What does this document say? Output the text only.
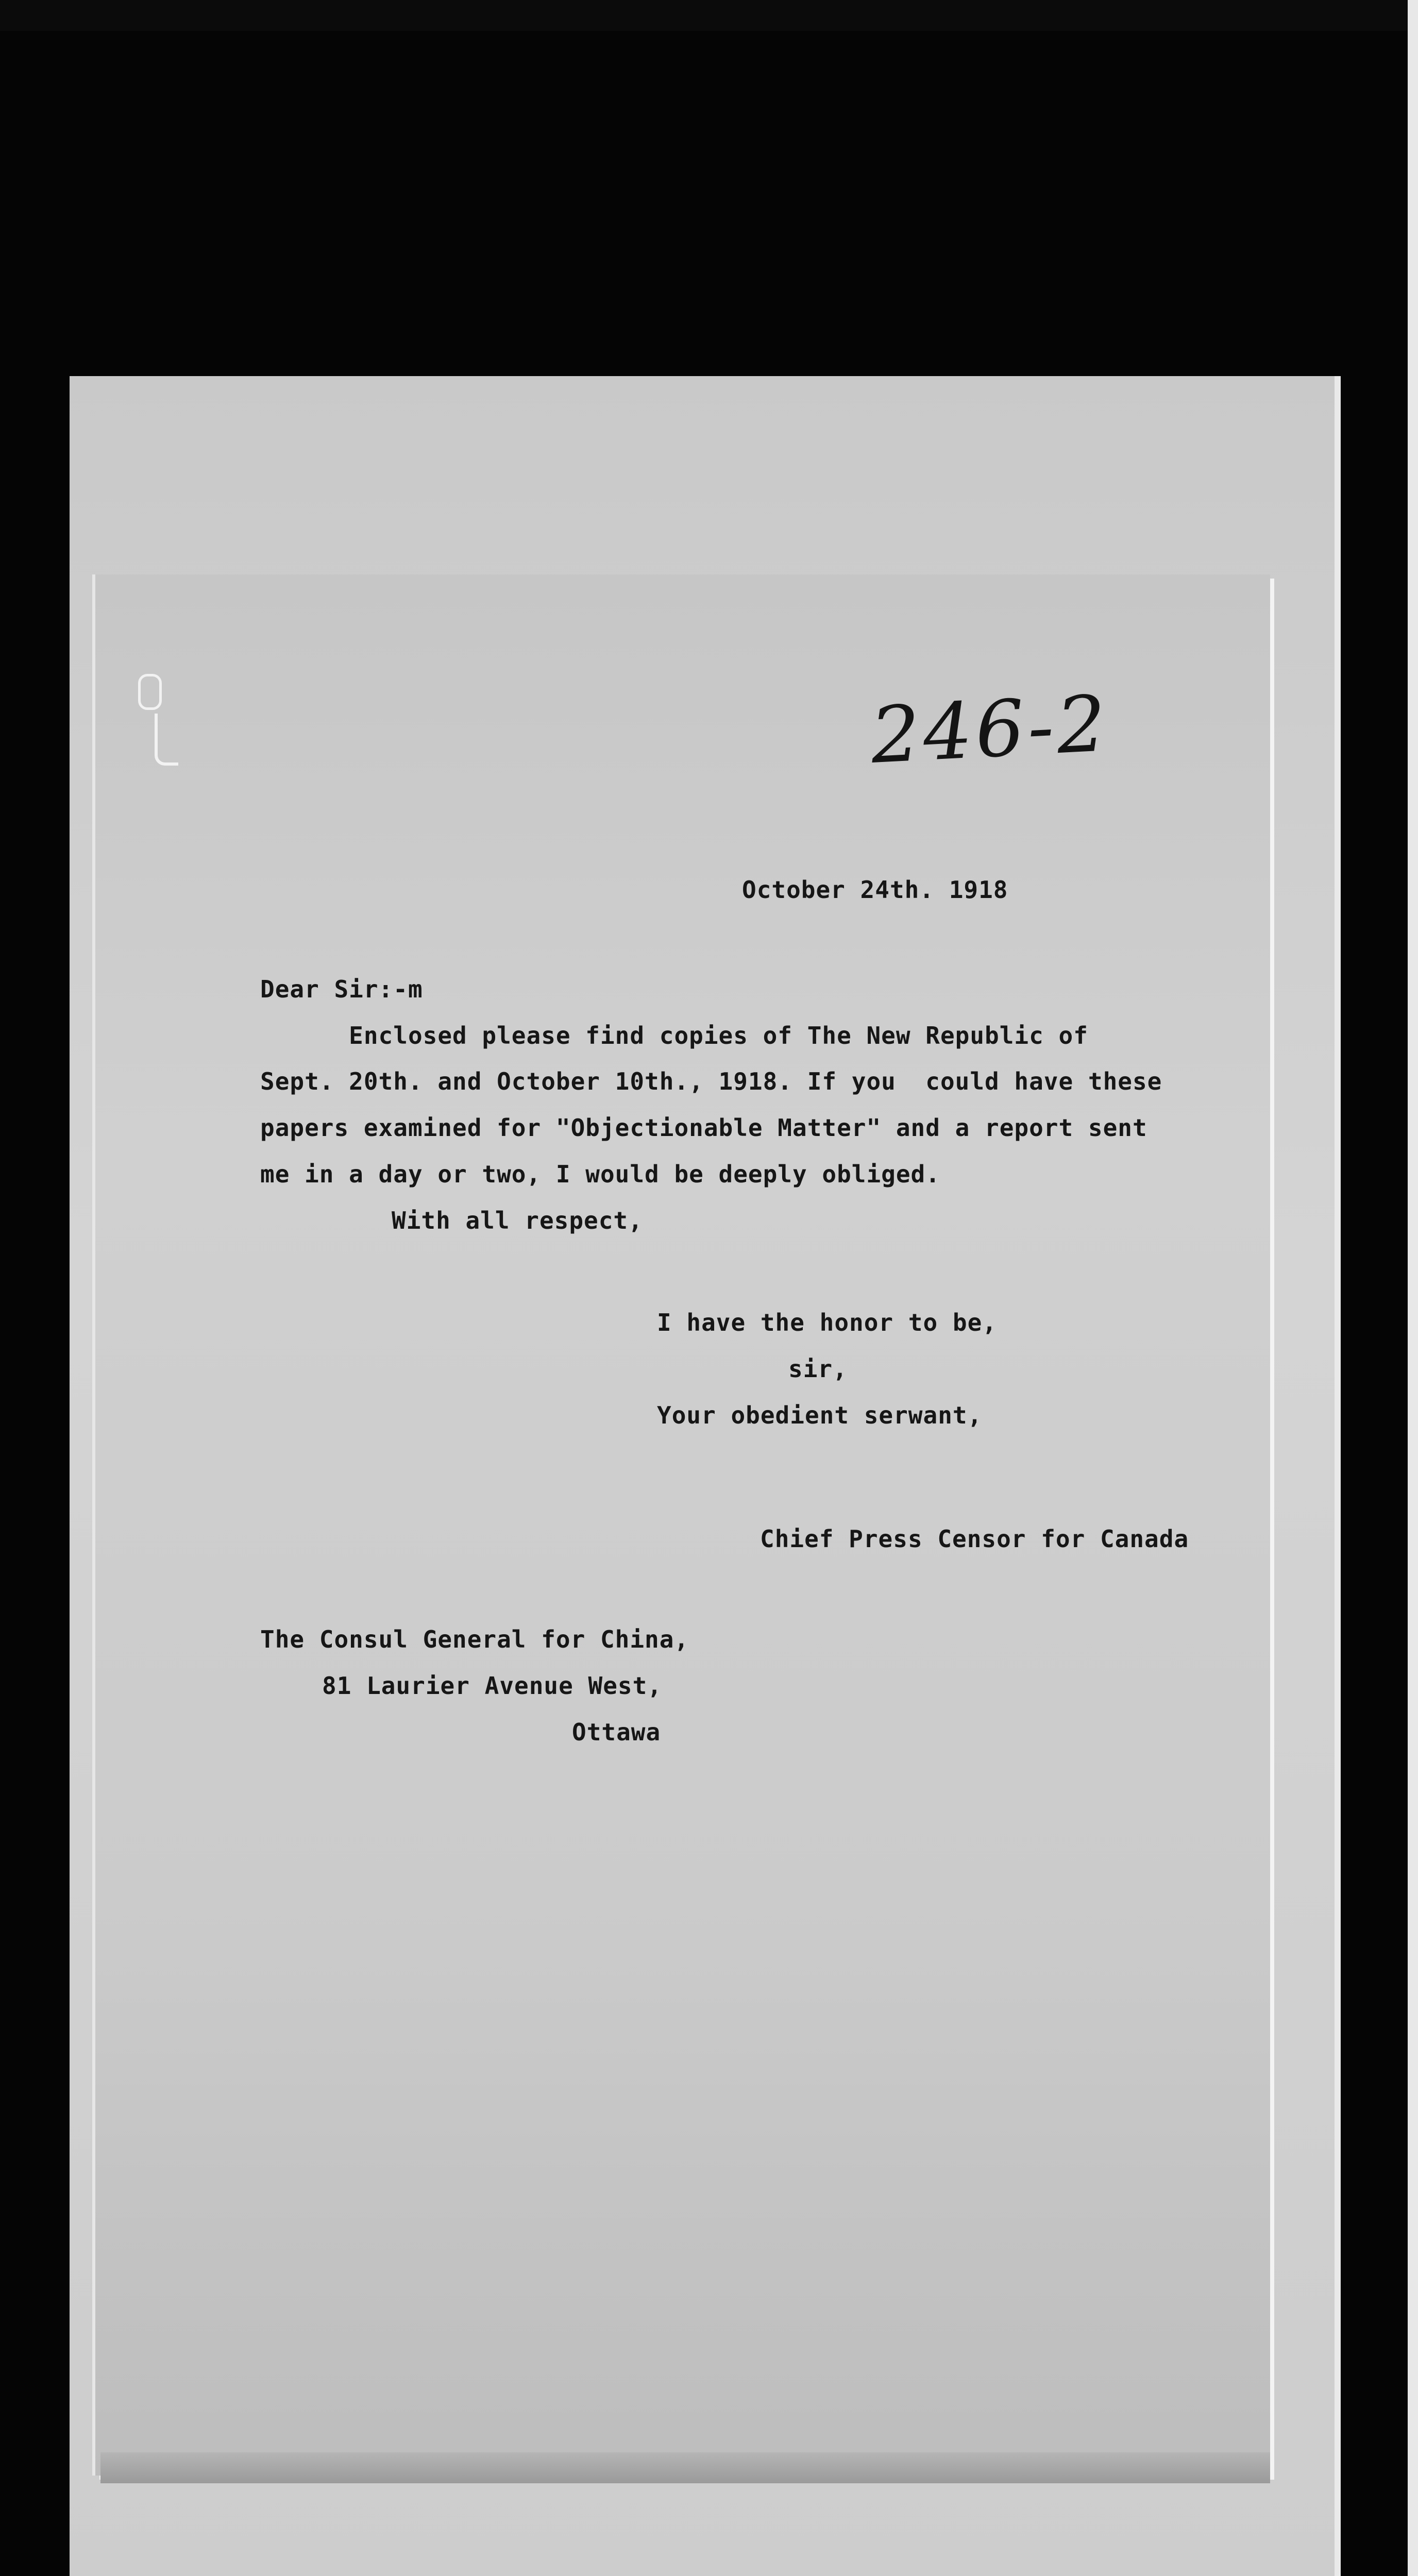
246-2
October 24th. 1918
Dear Sir:-m
Enclosed please find copies of The New Republic of
Sept. 20th. and October 10th., 1918. If you  could have these
papers examined for "Objectionable Matter" and a report sent
me in a day or two, I would be deeply obliged.
With all respect,
I have the honor to be,
sir,
Your obedient serwant,
Chief Press Censor for Canada
The Consul General for China,
81 Laurier Avenue West,
Ottawa
